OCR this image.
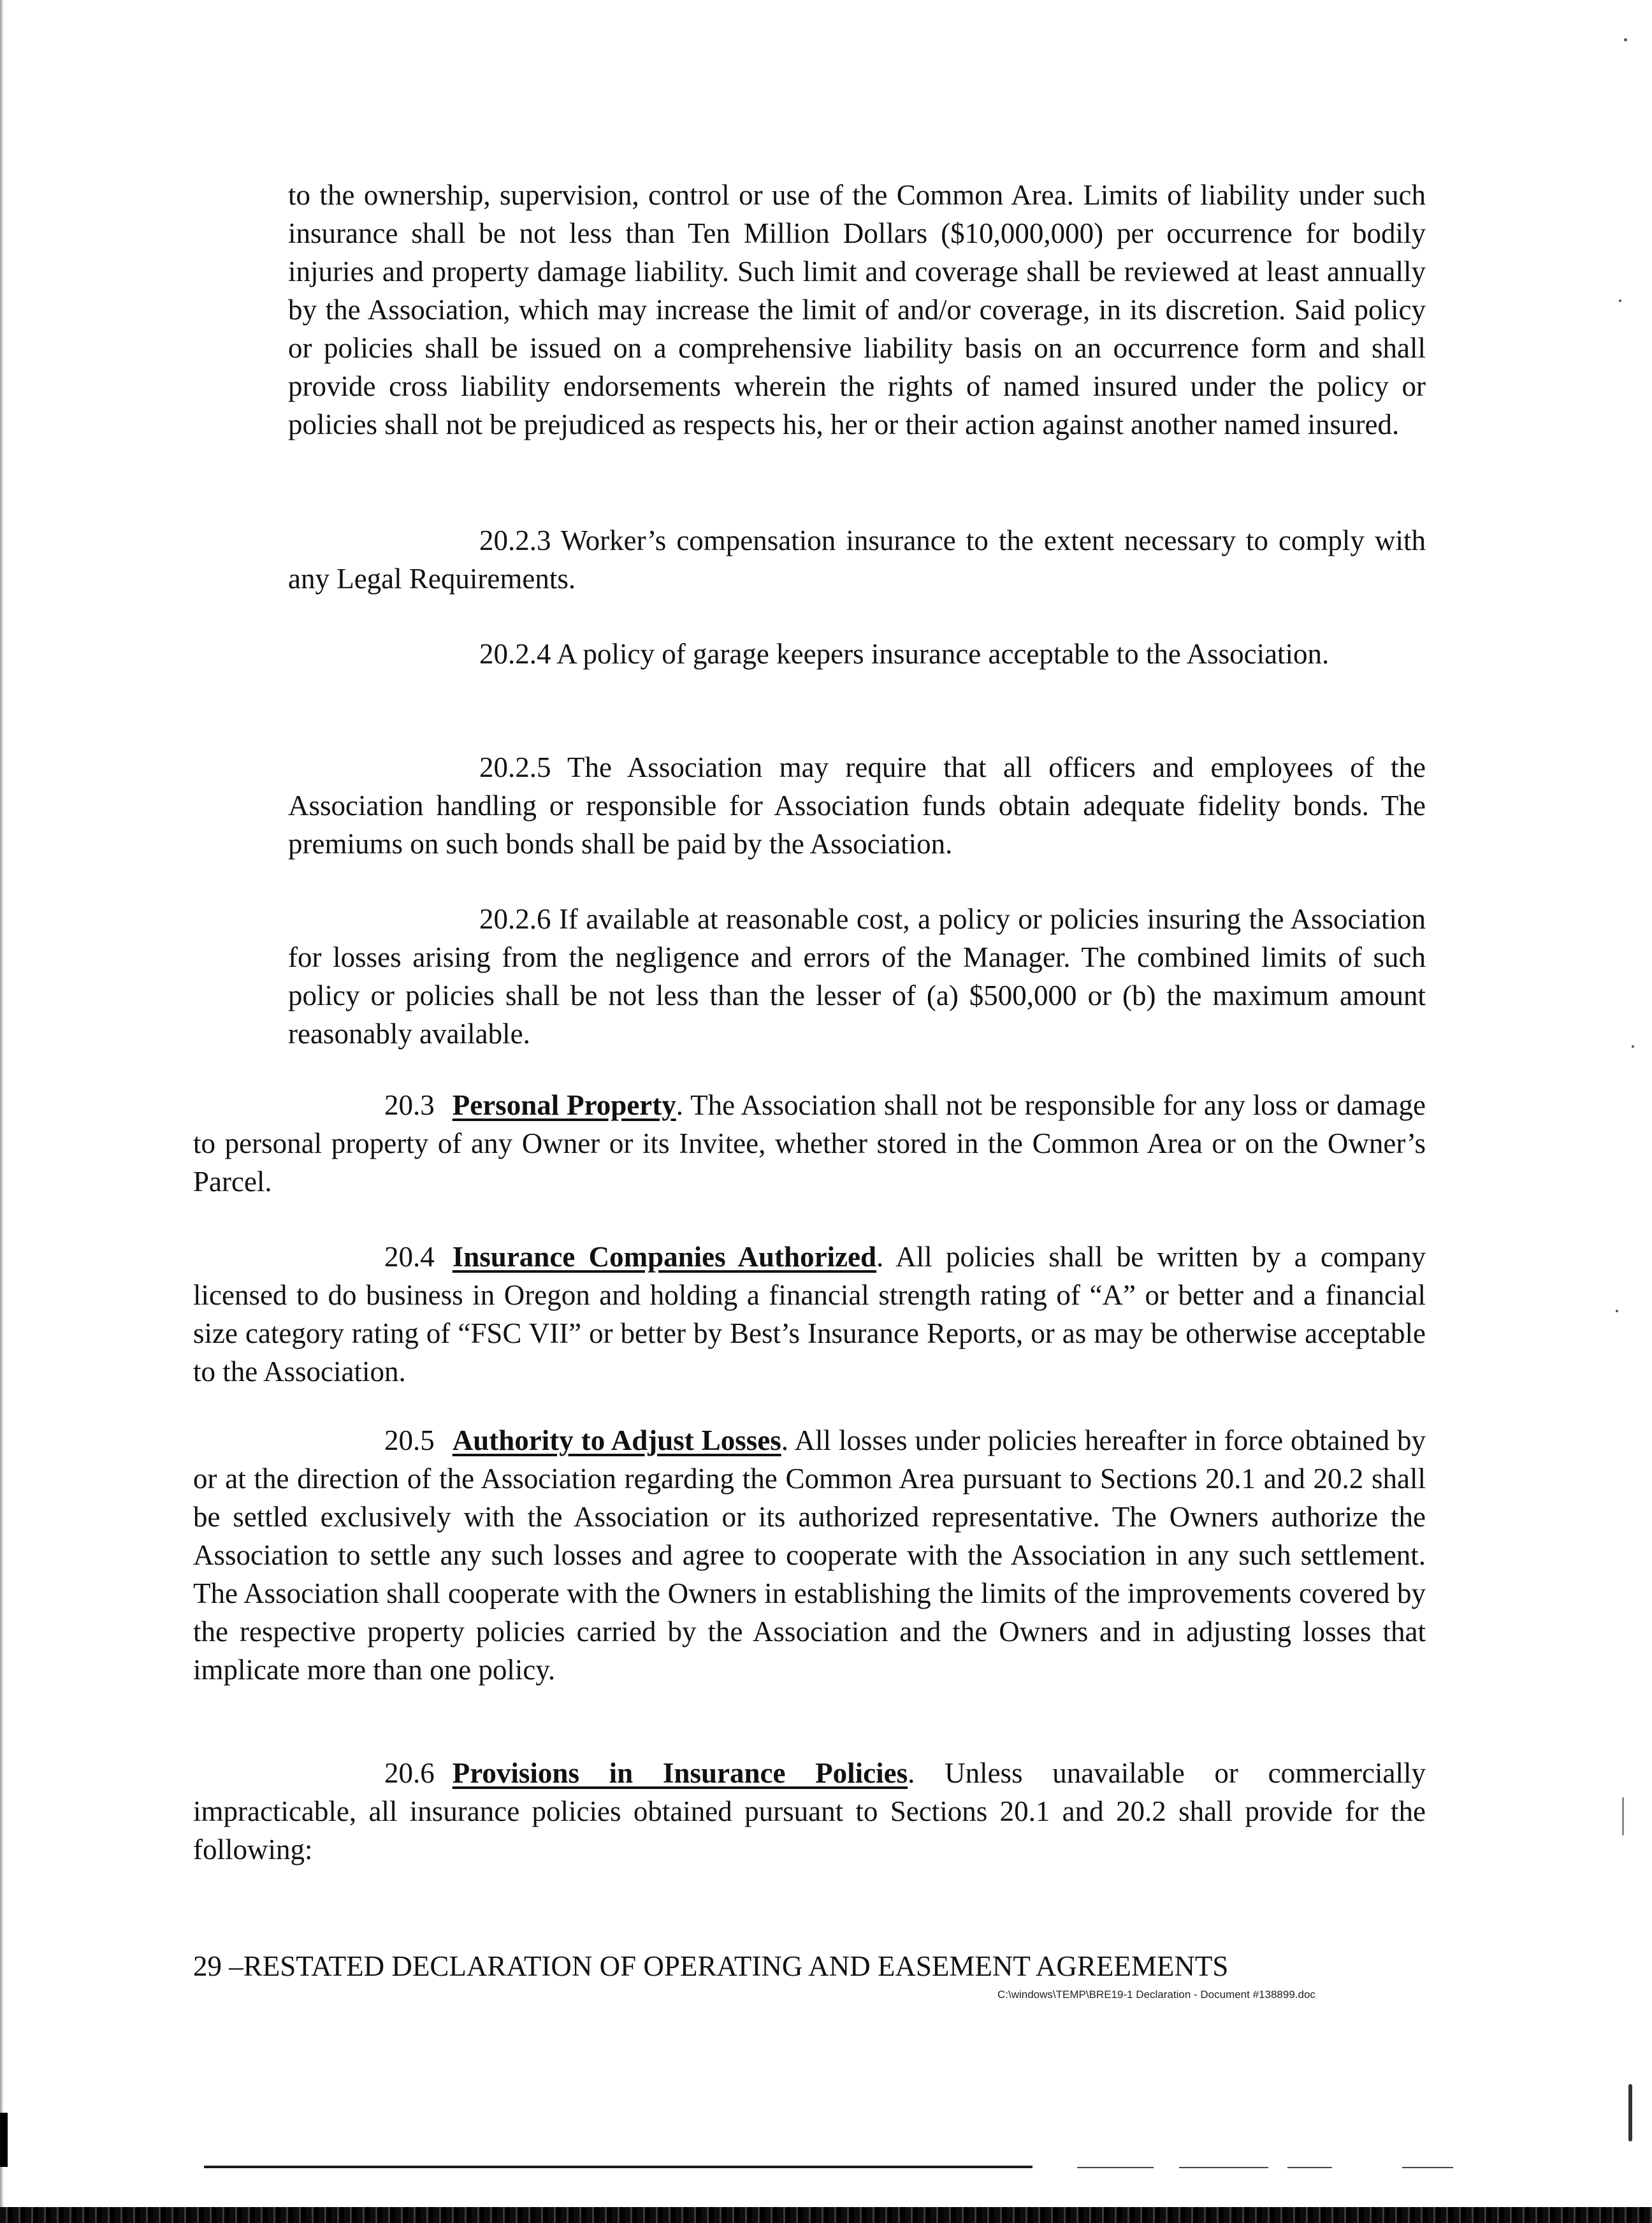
to the ownership, supervision, control or use of the Common Area. Limits of liability under such insurance shall be not less than Ten Million Dollars ($10,000,000) per occurrence for bodily injuries and property damage liability. Such limit and coverage shall be reviewed at least annually by the Association, which may increase the limit of and/or coverage, in its discretion. Said policy or policies shall be issued on a comprehensive liability basis on an occurrence form and shall provide cross liability endorsements wherein the rights of named insured under the policy or policies shall not be prejudiced as respects his, her or their action against another named insured.

20.2.3 Worker’s compensation insurance to the extent necessary to comply with any Legal Requirements.

20.2.4 A policy of garage keepers insurance acceptable to the Association.

20.2.5 The Association may require that all officers and employees of the Association handling or responsible for Association funds obtain adequate fidelity bonds. The premiums on such bonds shall be paid by the Association.

20.2.6 If available at reasonable cost, a policy or policies insuring the Association for losses arising from the negligence and errors of the Manager. The combined limits of such policy or policies shall be not less than the lesser of (a) $500,000 or (b) the maximum amount reasonably available.

20.3 Personal Property. The Association shall not be responsible for any loss or damage to personal property of any Owner or its Invitee, whether stored in the Common Area or on the Owner’s Parcel.

20.4 Insurance Companies Authorized. All policies shall be written by a company licensed to do business in Oregon and holding a financial strength rating of “A” or better and a financial size category rating of “FSC VII” or better by Best’s Insurance Reports, or as may be otherwise acceptable to the Association.

20.5 Authority to Adjust Losses. All losses under policies hereafter in force obtained by or at the direction of the Association regarding the Common Area pursuant to Sections 20.1 and 20.2 shall be settled exclusively with the Association or its authorized representative. The Owners authorize the Association to settle any such losses and agree to cooperate with the Association in any such settlement. The Association shall cooperate with the Owners in establishing the limits of the improvements covered by the respective property policies carried by the Association and the Owners and in adjusting losses that implicate more than one policy.

20.6 Provisions in Insurance Policies. Unless unavailable or commercially impracticable, all insurance policies obtained pursuant to Sections 20.1 and 20.2 shall provide for the following:

29 –RESTATED DECLARATION OF OPERATING AND EASEMENT AGREEMENTS
C:\windows\TEMP\BRE19-1 Declaration - Document #138899.doc
